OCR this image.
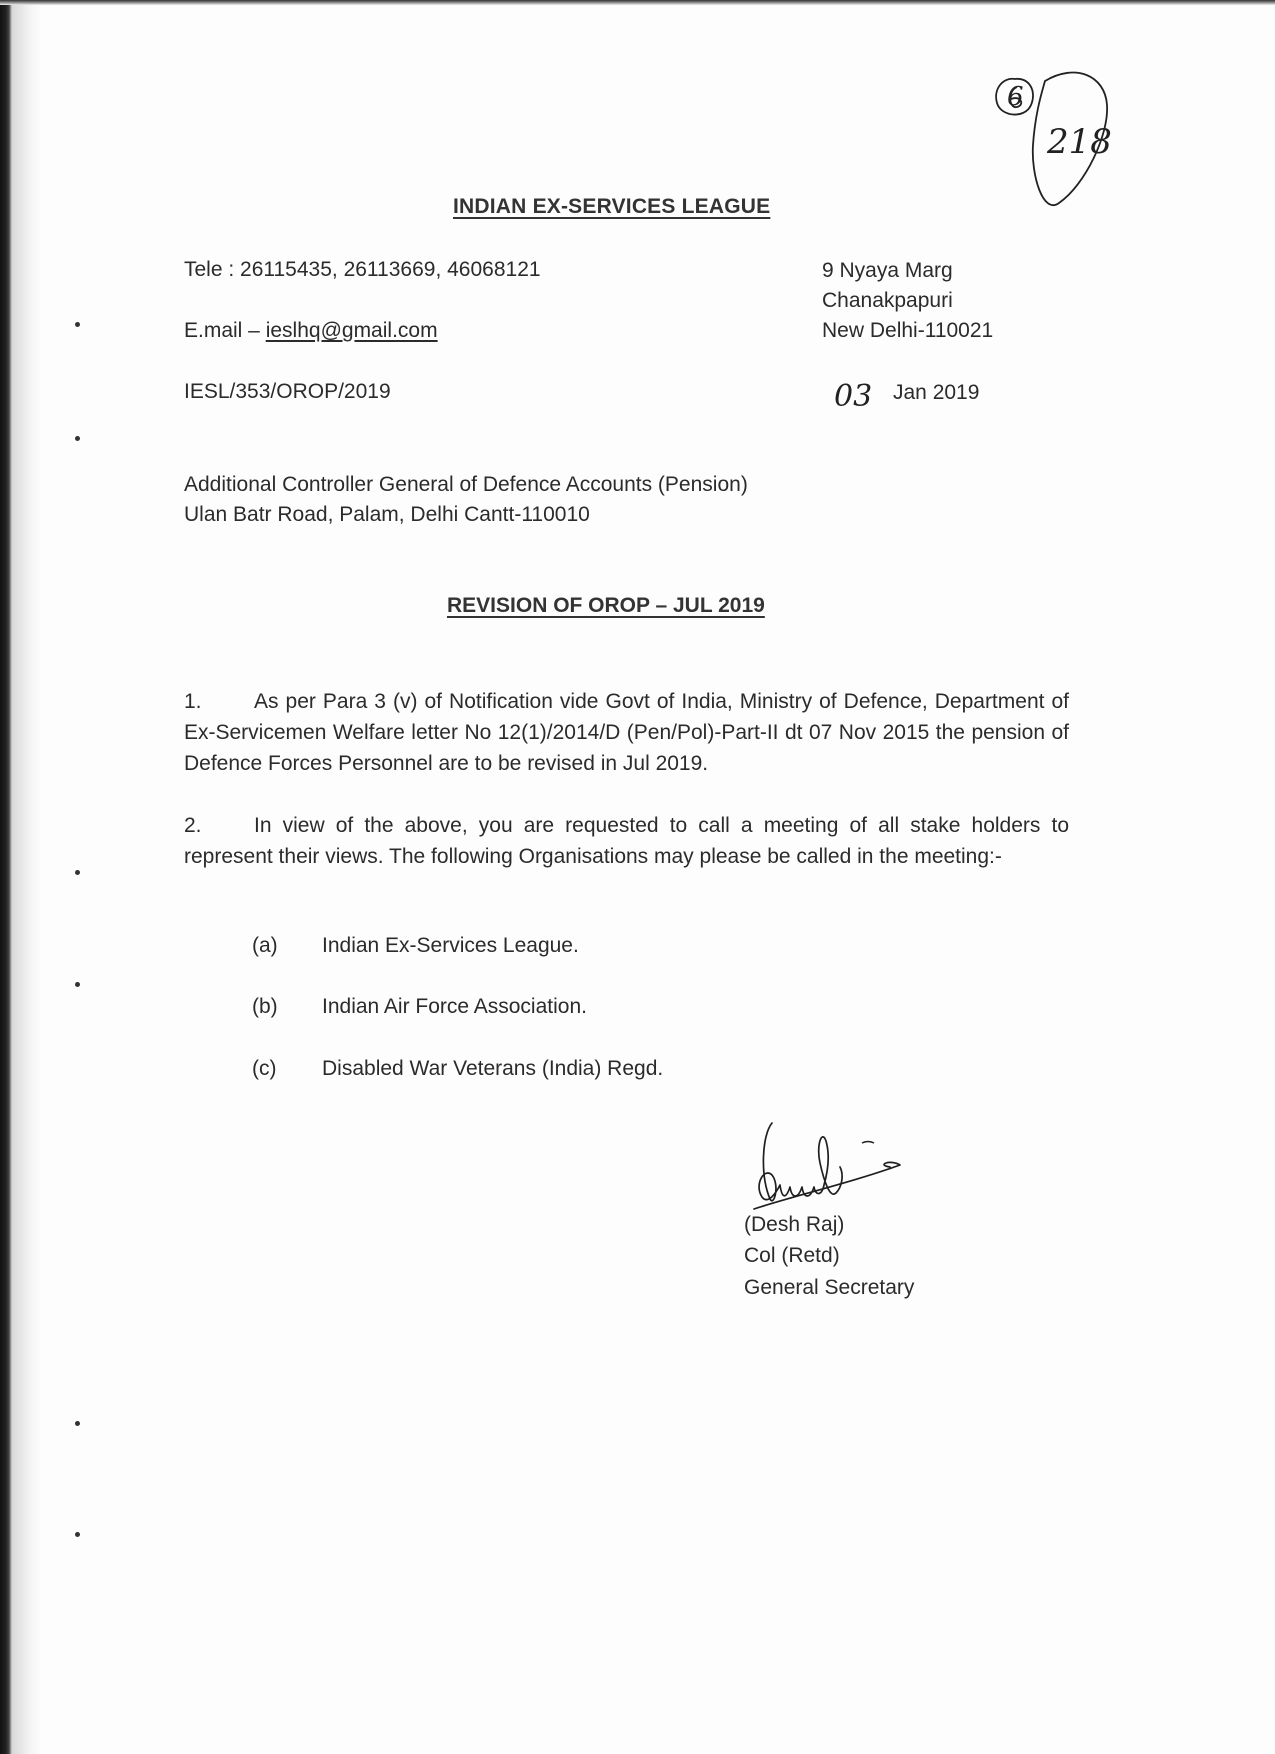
218
6
INDIAN EX-SERVICES LEAGUE
Tele : 26115435, 26113669, 46068121
E.mail – ieslhq@gmail.com
9 Nyaya Marg
Chanakpapuri
New Delhi-110021
IESL/353/OROP/2019	03 Jan 2019
Additional Controller General of Defence Accounts (Pension)
Ulan Batr Road, Palam, Delhi Cantt-110010
REVISION OF OROP – JUL 2019
1. As per Para 3 (v) of Notification vide Govt of India, Ministry of Defence, Department of Ex-Servicemen Welfare letter No 12(1)/2014/D (Pen/Pol)-Part-II dt 07 Nov 2015 the pension of Defence Forces Personnel are to be revised in Jul 2019.
2. In view of the above, you are requested to call a meeting of all stake holders to represent their views. The following Organisations may please be called in the meeting:-
(a) Indian Ex-Services League.
(b) Indian Air Force Association.
(c) Disabled War Veterans (India) Regd.
(Desh Raj)
Col (Retd)
General Secretary
